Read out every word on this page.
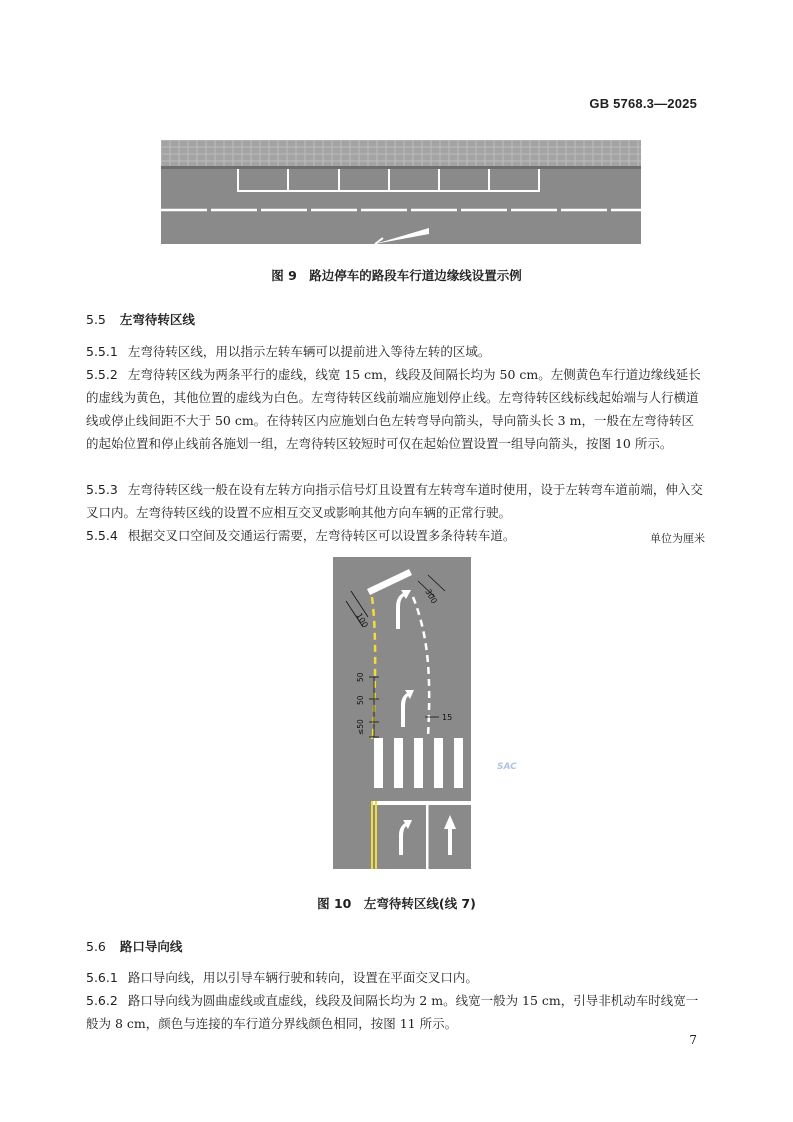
GB 5768.3—2025
图 9　路边停车的路段车行道边缘线设置示例
5.5 左弯待转区线
5.5.1 左弯待转区线，用以指示左转车辆可以提前进入等待左转的区域。
5.5.2 左弯待转区线为两条平行的虚线，线宽 15 cm，线段及间隔长均为 50 cm。左侧黄色车行道边缘线延长的虚线为黄色，其他位置的虚线为白色。左弯待转区线前端应施划停止线。左弯待转区线标线起始端与人行横道线或停止线间距不大于 50 cm。在待转区内应施划白色左转弯导向箭头，导向箭头长 3 m，一般在左弯待转区的起始位置和停止线前各施划一组，左弯待转区较短时可仅在起始位置设置一组导向箭头，按图 10 所示。
5.5.3 左弯待转区线一般在设有左转方向指示信号灯且设置有左转弯车道时使用，设于左转弯车道前端，伸入交叉口内。左弯待转区线的设置不应相互交叉或影响其他方向车辆的正常行驶。
5.5.4 根据交叉口空间及交通运行需要，左弯待转区可以设置多条待转车道。	单位为厘米
300
100
50
50
≤50
15
SAC
图 10　左弯待转区线(线 7)
5.6 路口导向线
5.6.1 路口导向线，用以引导车辆行驶和转向，设置在平面交叉口内。
5.6.2 路口导向线为圆曲虚线或直虚线，线段及间隔长均为 2 m。线宽一般为 15 cm，引导非机动车时线宽一般为 8 cm，颜色与连接的车行道分界线颜色相同，按图 11 所示。
7
